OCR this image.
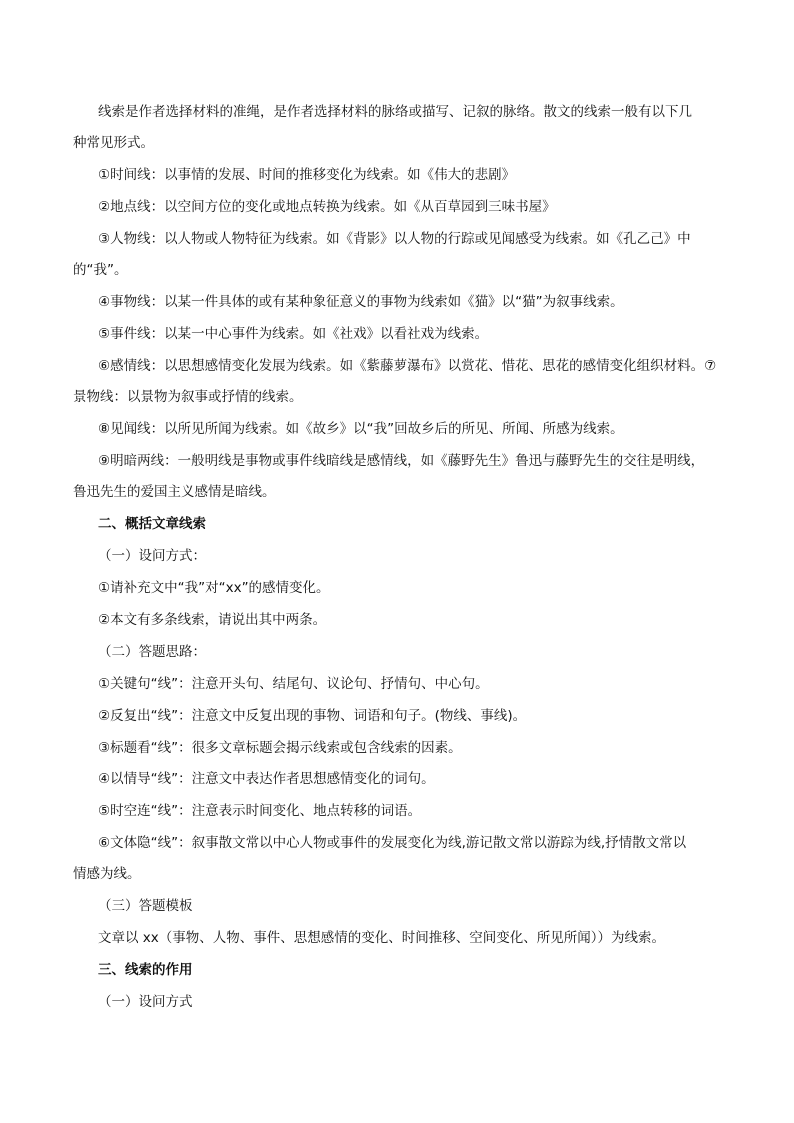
线索是作者选择材料的准绳，是作者选择材料的脉络或描写、记叙的脉络。散文的线索一般有以下几
种常见形式。
①时间线：以事情的发展、时间的推移变化为线索。如《伟大的悲剧》
②地点线：以空间方位的变化或地点转换为线索。如《从百草园到三味书屋》
③人物线：以人物或人物特征为线索。如《背影》以人物的行踪或见闻感受为线索。如《孔乙己》中
的“我”。
④事物线：以某一件具体的或有某种象征意义的事物为线索如《猫》以“猫”为叙事线索。
⑤事件线：以某一中心事件为线索。如《社戏》以看社戏为线索。
⑥感情线：以思想感情变化发展为线索。如《紫藤萝瀑布》以赏花、惜花、思花的感情变化组织材料。⑦
景物线：以景物为叙事或抒情的线索。
⑧见闻线：以所见所闻为线索。如《故乡》以“我”回故乡后的所见、所闻、所感为线索。
⑨明暗两线：一般明线是事物或事件线暗线是感情线，如《藤野先生》鲁迅与藤野先生的交往是明线，
鲁迅先生的爱国主义感情是暗线。
二、概括文章线索
（一）设问方式：
①请补充文中“我”对“xx”的感情变化。
②本文有多条线索，请说出其中两条。
（二）答题思路：
①关键句“线”：注意开头句、结尾句、议论句、抒情句、中心句。
②反复出“线”：注意文中反复出现的事物、词语和句子。(物线、事线)。
③标题看“线”：很多文章标题会揭示线索或包含线索的因素。
④以情导“线”：注意文中表达作者思想感情变化的词句。
⑤时空连“线”：注意表示时间变化、地点转移的词语。
⑥文体隐“线”：叙事散文常以中心人物或事件的发展变化为线,游记散文常以游踪为线,抒情散文常以
情感为线。
（三）答题模板
文章以 xx（事物、人物、事件、思想感情的变化、时间推移、空间变化、所见所闻））为线索。
三、线索的作用
（一）设问方式
